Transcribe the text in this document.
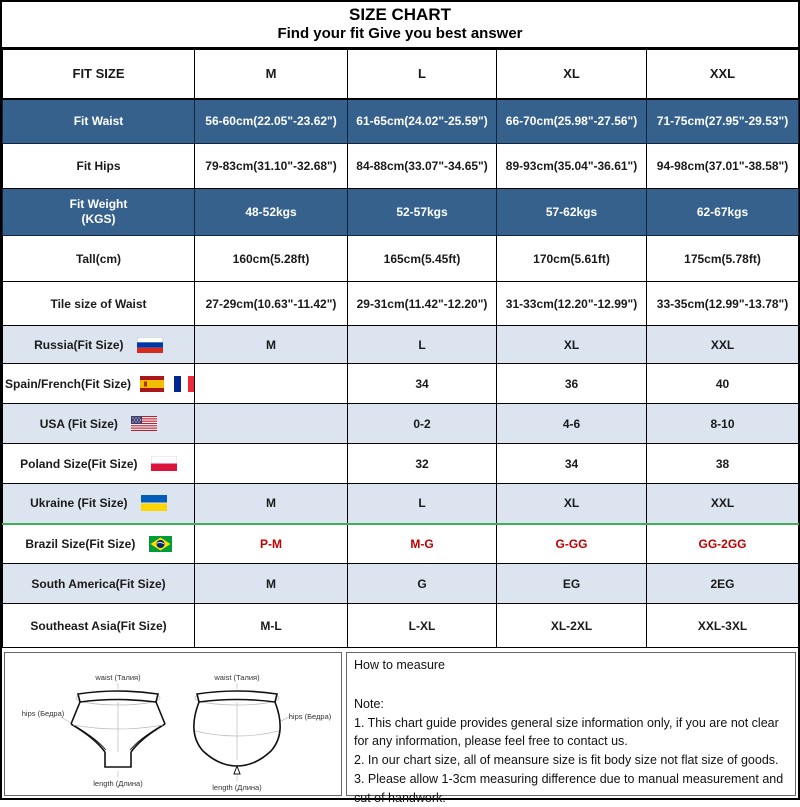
SIZE CHART
Find your fit Give you best answer
FIT SIZE	M	L	XL	XXL
Fit Waist	56-60cm(22.05"-23.62")	61-65cm(24.02"-25.59")	66-70cm(25.98"-27.56")	71-75cm(27.95"-29.53")
Fit Hips	79-83cm(31.10"-32.68")	84-88cm(33.07"-34.65")	89-93cm(35.04"-36.61")	94-98cm(37.01"-38.58")

Fit Weight
(KGS)	48-52kgs	52-57kgs	57-62kgs	62-67kgs
Tall(cm)	160cm(5.28ft)	165cm(5.45ft)	170cm(5.61ft)	175cm(5.78ft)
Tile size of Waist	27-29cm(10.63"-11.42")	29-31cm(11.42"-12.20")	31-33cm(12.20"-12.99")	33-35cm(12.99"-13.78")
Russia(Fit Size)	M	L	XL	XXL
Spain/French(Fit Size)		34	36	40
USA (Fit Size)		0-2	4-6	8-10
Poland Size(Fit Size)		32	34	38
Ukraine (Fit Size)	M	L	XL	XXL
Brazil Size(Fit Size)	P-M	M-G	G-GG	GG-2GG
South America(Fit Size)	M	G	EG	2EG
Southeast Asia(Fit Size)	M-L	L-XL	XL-2XL	XXL-3XL
waist (Талия)
hips (Бедра)
length (Длина)
waist (Талия)
hips (Бедра)
length (Длина)
How to measure
Note:
1. This chart guide provides general size information only, if you are not clear for any information, please feel free to contact us.
2. In our chart size, all of meansure size is fit body size not flat size of goods.
3. Please allow 1-3cm measuring difference due to manual measurement and cut of handwork.
